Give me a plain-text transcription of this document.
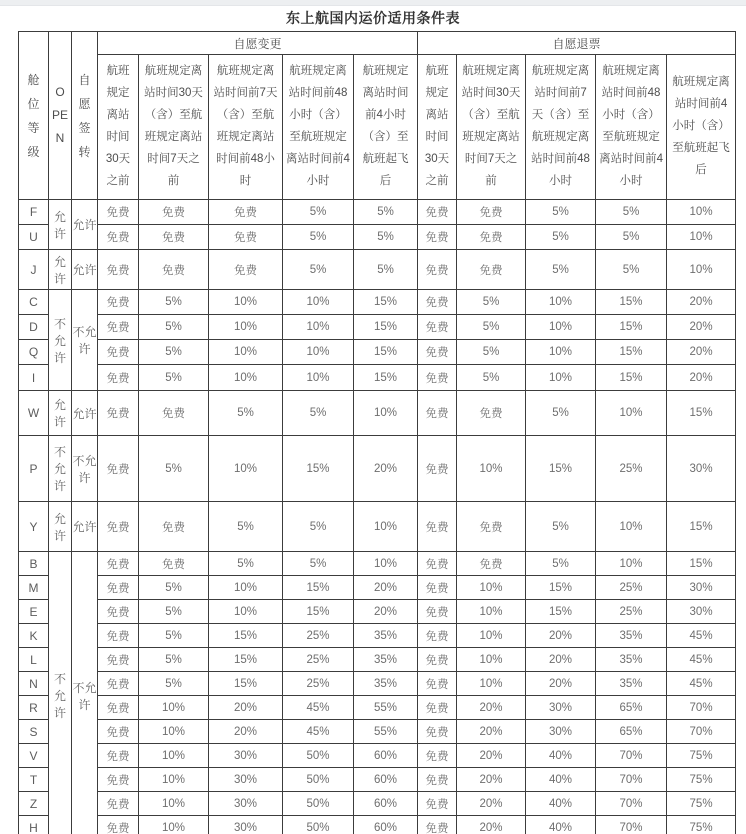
东上航国内运价适用条件表
舱位等级	OPEN	自愿签转	自愿变更					自愿退票				
			航班规定离站时间30天之前	航班规定离站时间30天（含）至航班规定离站时间7天之前	航班规定离站时间前7天（含）至航班规定离站时间前48小时	航班规定离站时间前48小时（含）至航班规定离站时间前4小时	航班规定离站时间前4小时（含）至航班起飞后	航班规定离站时间30天之前	航班规定离站时间30天（含）至航班规定离站时间7天之前	航班规定离站时间前7天（含）至航班规定离站时间前48小时	航班规定离站时间前48小时（含）至航班规定离站时间前4小时	航班规定离站时间前4小时（含）至航班起飞后
F	允许	允许	免费	免费	免费	5%	5%	免费	免费	5%	5%	10%
U			免费	免费	免费	5%	5%	免费	免费	5%	5%	10%
J	允许	允许	免费	免费	免费	5%	5%	免费	免费	5%	5%	10%
C	不允许	不允许	免费	5%	10%	10%	15%	免费	5%	10%	15%	20%
D			免费	5%	10%	10%	15%	免费	5%	10%	15%	20%
Q			免费	5%	10%	10%	15%	免费	5%	10%	15%	20%
I			免费	5%	10%	10%	15%	免费	5%	10%	15%	20%
W	允许	允许	免费	免费	5%	5%	10%	免费	免费	5%	10%	15%
P	不允许	不允许	免费	5%	10%	15%	20%	免费	10%	15%	25%	30%
Y	允许	允许	免费	免费	5%	5%	10%	免费	免费	5%	10%	15%
B	不允许	不允许	免费	免费	5%	5%	10%	免费	免费	5%	10%	15%
M			免费	5%	10%	15%	20%	免费	10%	15%	25%	30%
E			免费	5%	10%	15%	20%	免费	10%	15%	25%	30%
K			免费	5%	15%	25%	35%	免费	10%	20%	35%	45%
L			免费	5%	15%	25%	35%	免费	10%	20%	35%	45%
N			免费	5%	15%	25%	35%	免费	10%	20%	35%	45%
R			免费	10%	20%	45%	55%	免费	20%	30%	65%	70%
S			免费	10%	20%	45%	55%	免费	20%	30%	65%	70%
V			免费	10%	30%	50%	60%	免费	20%	40%	70%	75%
T			免费	10%	30%	50%	60%	免费	20%	40%	70%	75%
Z			免费	10%	30%	50%	60%	免费	20%	40%	70%	75%
H			免费	10%	30%	50%	60%	免费	20%	40%	70%	75%
